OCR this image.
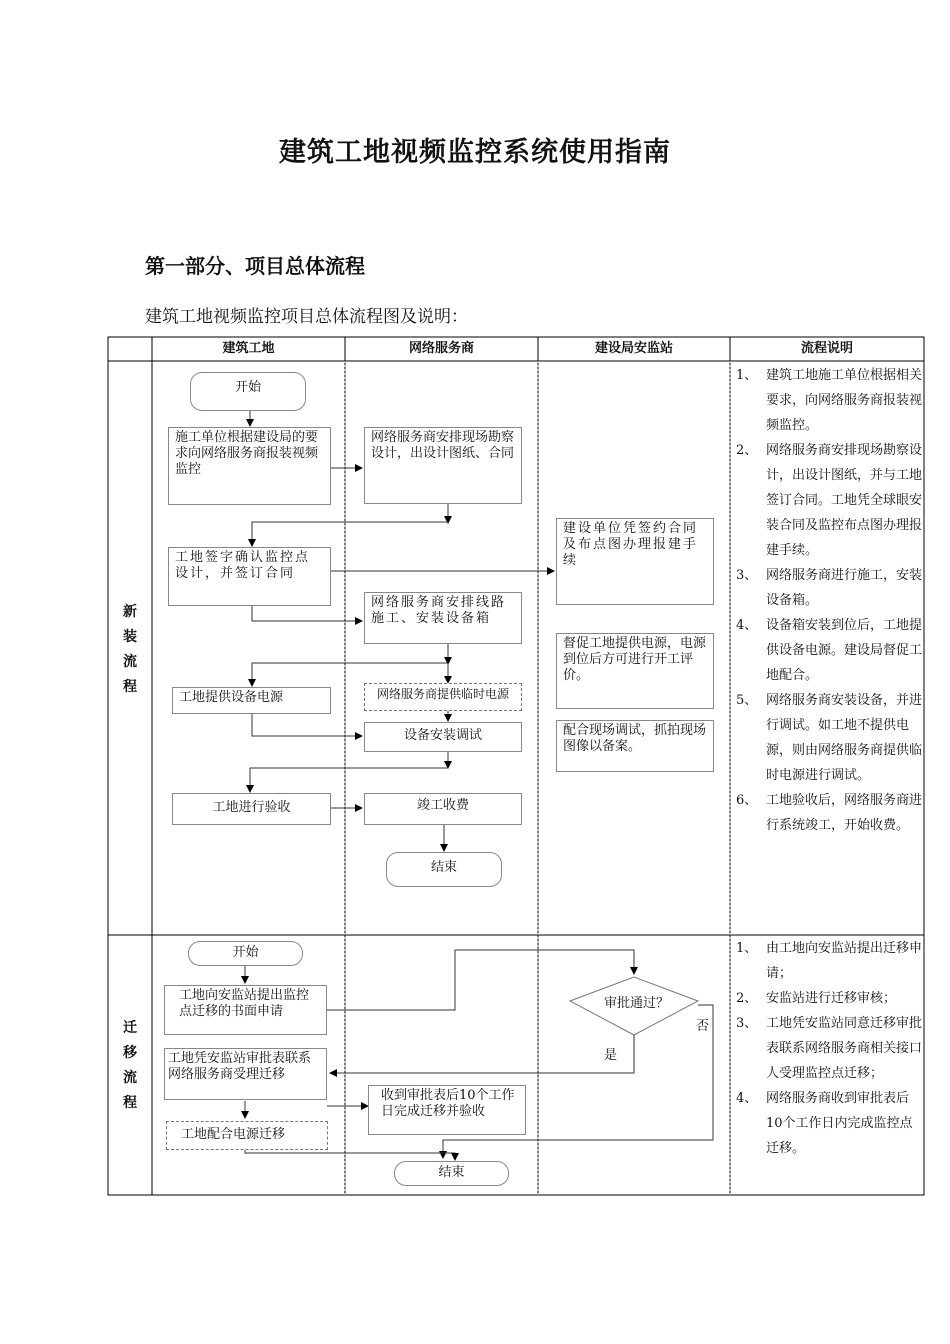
建筑工地视频监控系统使用指南
第一部分、项目总体流程
建筑工地视频监控项目总体流程图及说明：
建筑工地	网络服务商	建设局安监站	流程说明
新装流程
迁移流程
开始
施工单位根据建设局的要求向网络服务商报装视频监控
网络服务商安排现场勘察设计，出设计图纸、合同
工地签字确认监控点设计，并签订合同
建设单位凭签约合同及布点图办理报建手续
网络服务商安排线路施工、安装设备箱
督促工地提供电源，电源到位后方可进行开工评价。
工地提供设备电源	网络服务商提供临时电源
设备安装调试	配合现场调试，抓拍现场图像以备案。
工地进行验收	竣工收费
结束
开始
工地向安监站提出监控点迁移的书面申请
审批通过？
否
是
工地凭安监站审批表联系网络服务商受理迁移
收到审批表后10个工作日完成迁移并验收
工地配合电源迁移
结束
1、 建筑工地施工单位根据相关要求，向网络服务商报装视频监控。
2、 网络服务商安排现场勘察设计，出设计图纸，并与工地签订合同。工地凭全球眼安装合同及监控布点图办理报建手续。
3、 网络服务商进行施工，安装设备箱。
4、 设备箱安装到位后，工地提供设备电源。建设局督促工地配合。
5、 网络服务商安装设备，并进行调试。如工地不提供电源，则由网络服务商提供临时电源进行调试。
6、 工地验收后，网络服务商进行系统竣工，开始收费。
1、 由工地向安监站提出迁移申请；
2、 安监站进行迁移审核；
3、 工地凭安监站同意迁移审批表联系网络服务商相关接口人受理监控点迁移；
4、 网络服务商收到审批表后10个工作日内完成监控点迁移。
